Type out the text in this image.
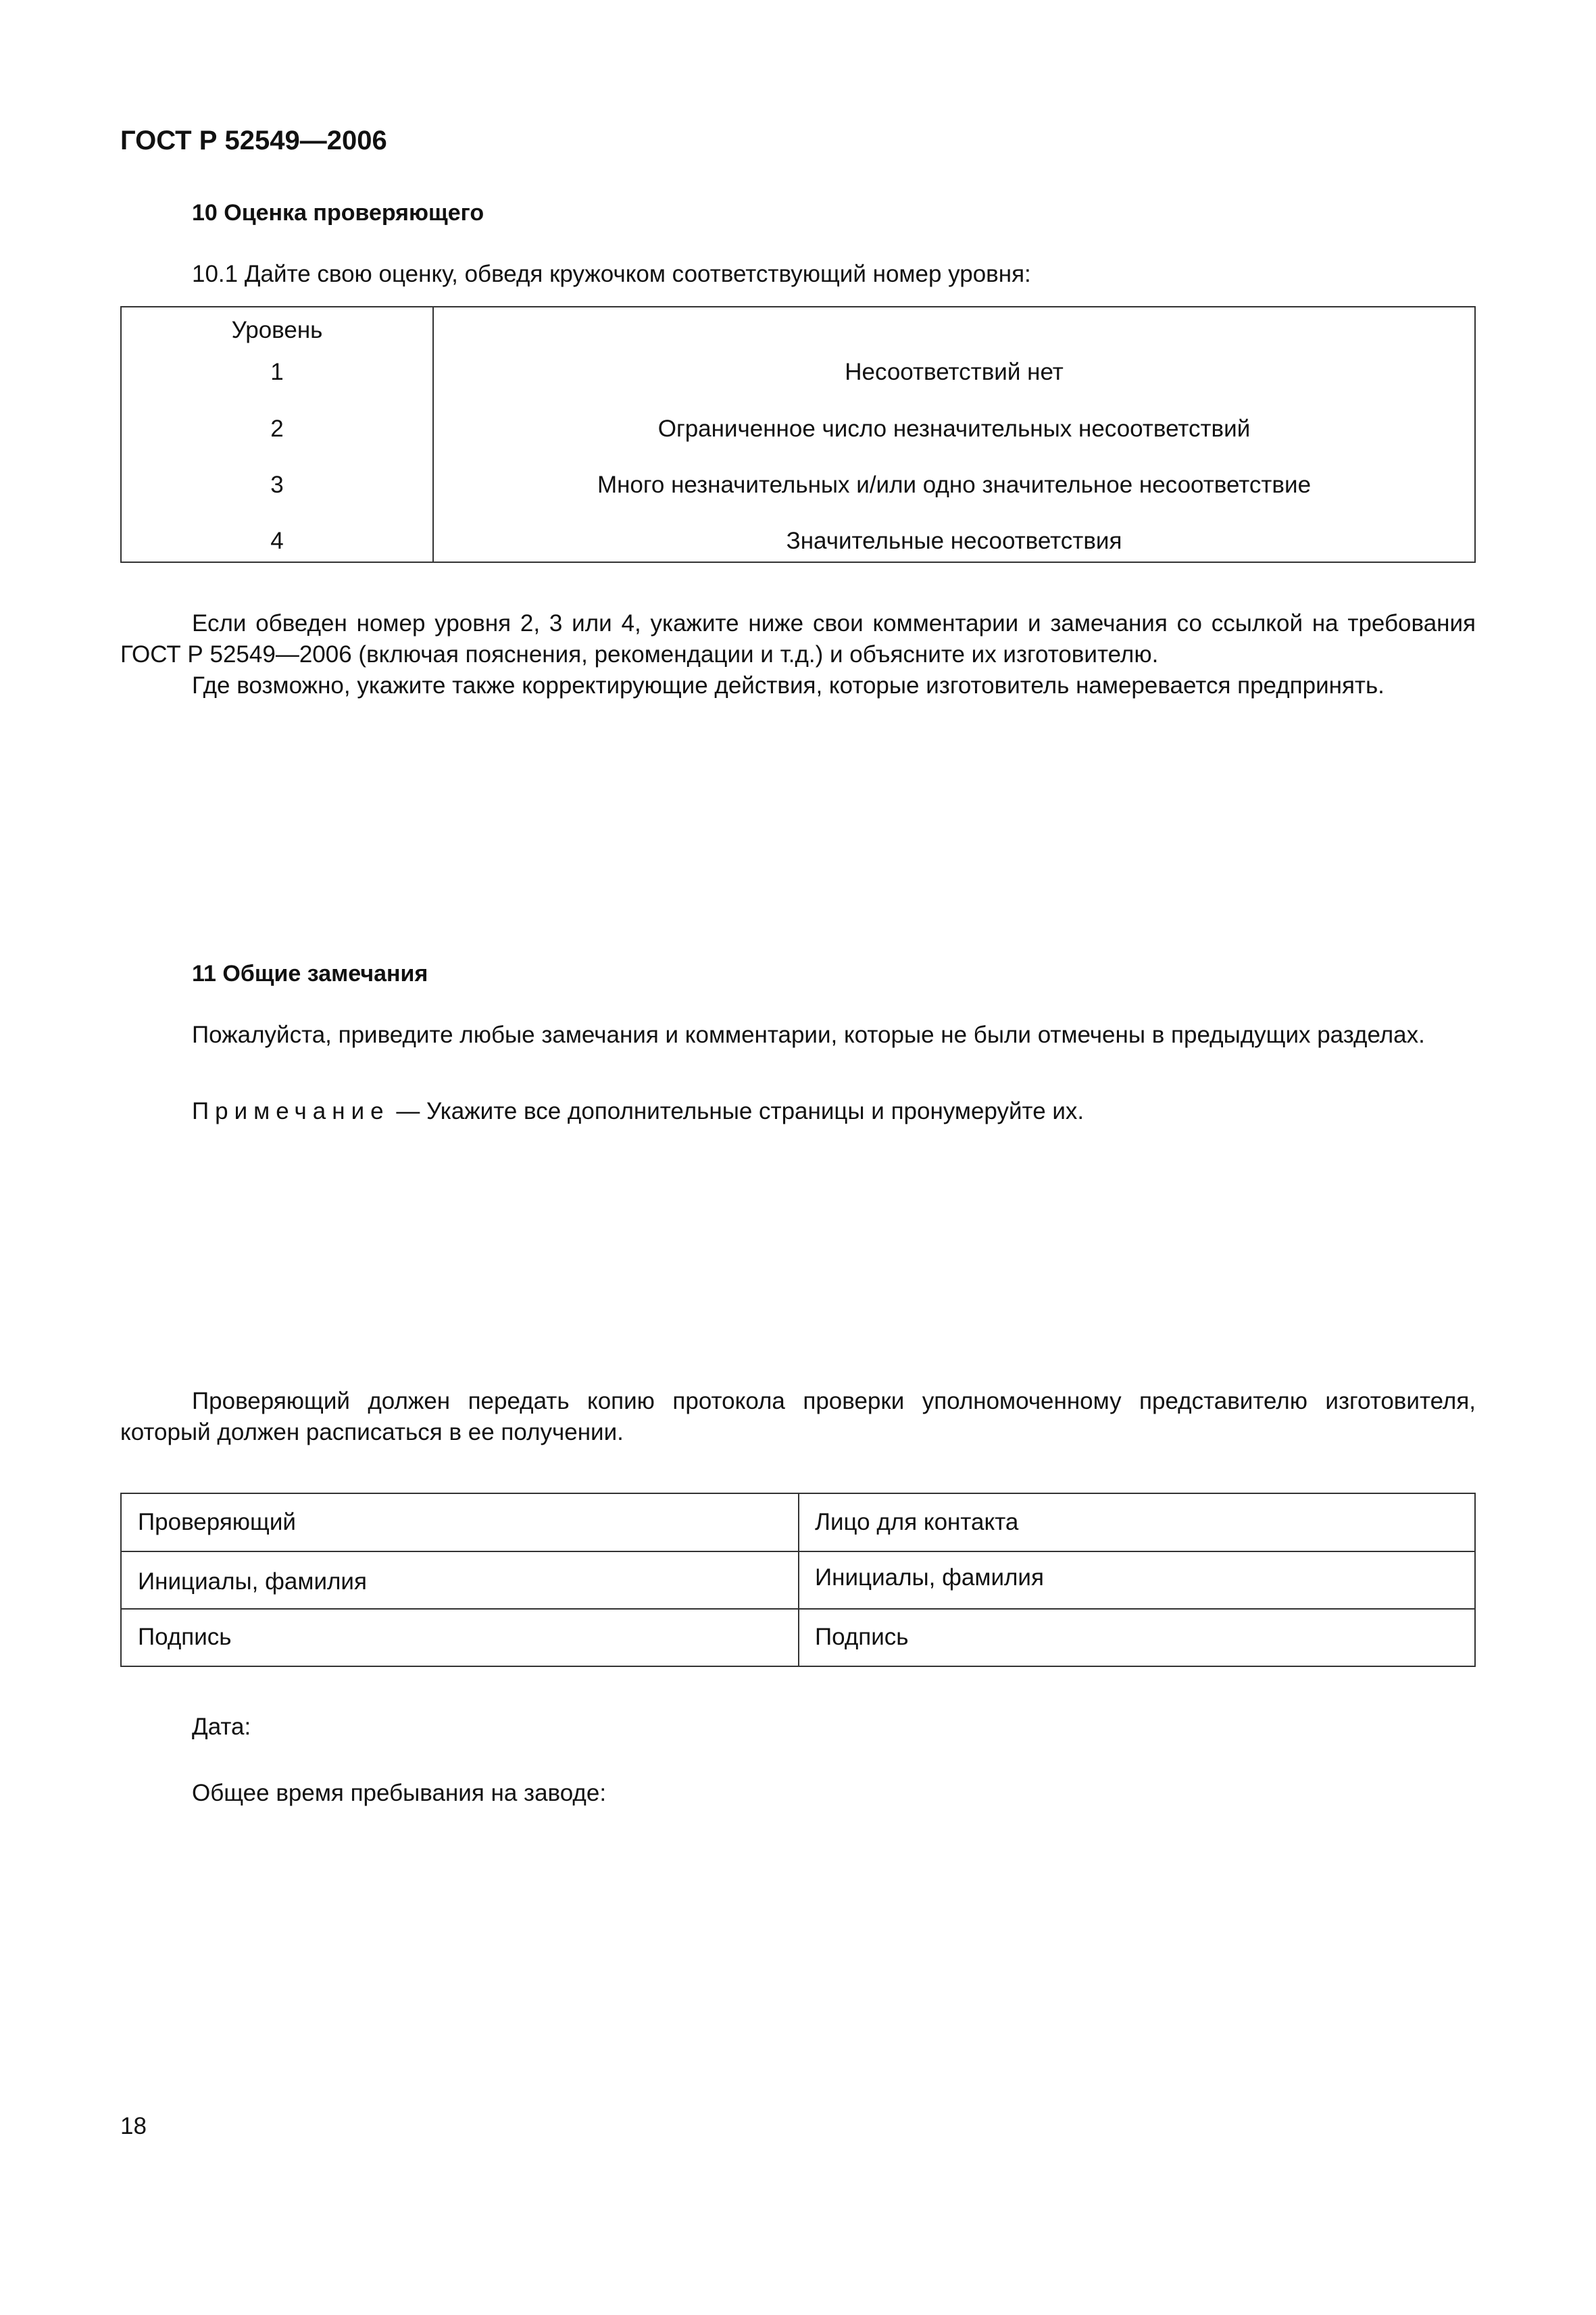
ГОСТ Р 52549—2006
10 Оценка проверяющего
10.1 Дайте свою оценку, обведя кружочком соответствующий номер уровня:
Уровень
1	Несоответствий нет
2	Ограниченное число незначительных несоответствий
3	Много незначительных и/или одно значительное несоответствие
4	Значительные несоответствия

Если обведен номер уровня 2, 3 или 4, укажите ниже свои комментарии и замечания со ссылкой на требования ГОСТ Р 52549—2006 (включая пояснения, рекомендации и т.д.) и объясните их изготовителю.

Где возможно, укажите также корректирующие действия, которые изготовитель намеревается предпринять.

11 Общие замечания

Пожалуйста, приведите любые замечания и комментарии, которые не были отмечены в предыдущих разделах.

Примечание — Укажите все дополнительные страницы и пронумеруйте их.

Проверяющий должен передать копию протокола проверки уполномоченному представителю изготовителя, который должен расписаться в ее получении.

Проверяющий	Лицо для контакта
Инициалы, фамилия	Инициалы, фамилия
Подпись	Подпись
Дата:
Общее время пребывания на заводе:
18
